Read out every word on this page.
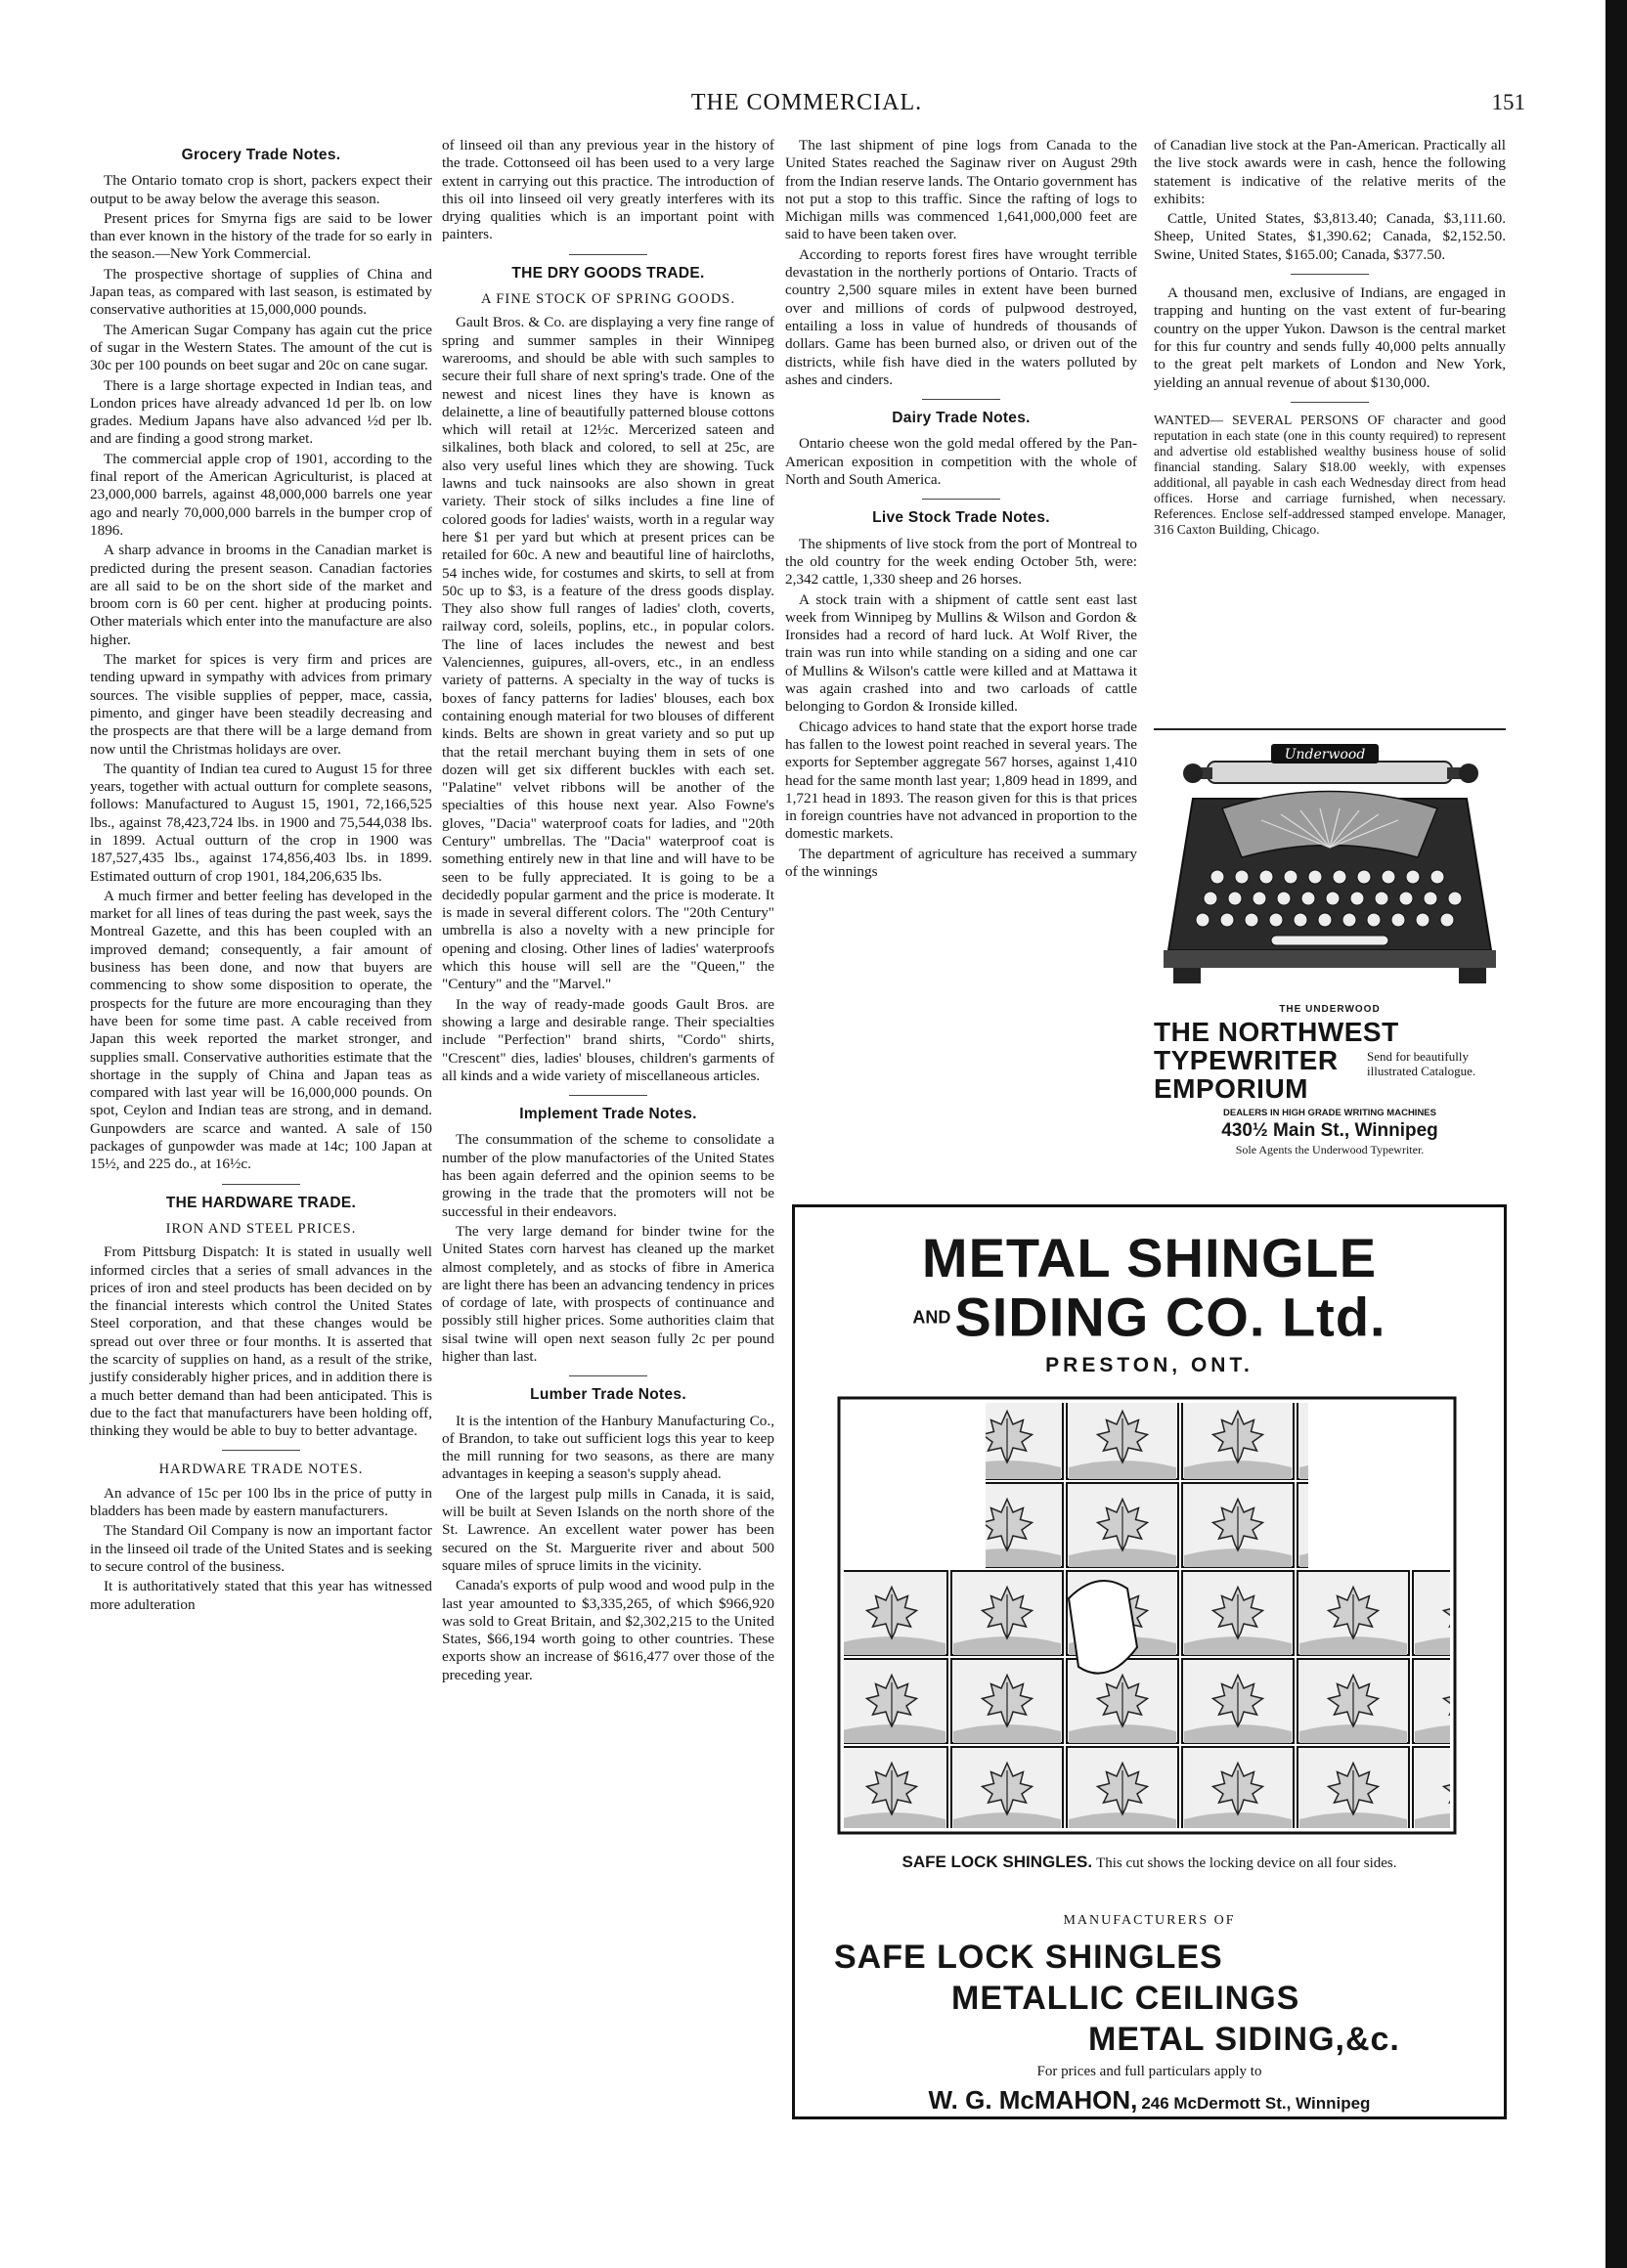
THE COMMERCIAL.	151
Grocery Trade Notes.

The Ontario tomato crop is short, packers expect their output to be away below the average this season.

Present prices for Smyrna figs are said to be lower than ever known in the history of the trade for so early in the season.—New York Commercial.

The prospective shortage of supplies of China and Japan teas, as compared with last season, is estimated by conservative authorities at 15,000,000 pounds.

The American Sugar Company has again cut the price of sugar in the Western States. The amount of the cut is 30c per 100 pounds on beet sugar and 20c on cane sugar.

There is a large shortage expected in Indian teas, and London prices have already advanced 1d per lb. on low grades. Medium Japans have also advanced ½d per lb. and are finding a good strong market.

The commercial apple crop of 1901, according to the final report of the American Agriculturist, is placed at 23,000,000 barrels, against 48,000,000 barrels one year ago and nearly 70,000,000 barrels in the bumper crop of 1896.

A sharp advance in brooms in the Canadian market is predicted during the present season. Canadian factories are all said to be on the short side of the market and broom corn is 60 per cent. higher at producing points. Other materials which enter into the manufacture are also higher.

The market for spices is very firm and prices are tending upward in sympathy with advices from primary sources. The visible supplies of pepper, mace, cassia, pimento, and ginger have been steadily decreasing and the prospects are that there will be a large demand from now until the Christmas holidays are over.

The quantity of Indian tea cured to August 15 for three years, together with actual outturn for complete seasons, follows: Manufactured to August 15, 1901, 72,166,525 lbs., against 78,423,724 lbs. in 1900 and 75,544,038 lbs. in 1899. Actual outturn of the crop in 1900 was 187,527,435 lbs., against 174,856,403 lbs. in 1899. Estimated outturn of crop 1901, 184,206,635 lbs.

A much firmer and better feeling has developed in the market for all lines of teas during the past week, says the Montreal Gazette, and this has been coupled with an improved demand; consequently, a fair amount of business has been done, and now that buyers are commencing to show some disposition to operate, the prospects for the future are more encouraging than they have been for some time past. A cable received from Japan this week reported the market stronger, and supplies small. Conservative authorities estimate that the shortage in the supply of China and Japan teas as compared with last year will be 16,000,000 pounds. On spot, Ceylon and Indian teas are strong, and in demand. Gunpowders are scarce and wanted. A sale of 150 packages of gunpowder was made at 14c; 100 Japan at 15½, and 225 do., at 16½c.

THE HARDWARE TRADE.
IRON AND STEEL PRICES.

From Pittsburg Dispatch: It is stated in usually well informed circles that a series of small advances in the prices of iron and steel products has been decided on by the financial interests which control the United States Steel corporation, and that these changes would be spread out over three or four months. It is asserted that the scarcity of supplies on hand, as a result of the strike, justify considerably higher prices, and in addition there is a much better demand than had been anticipated. This is due to the fact that manufacturers have been holding off, thinking they would be able to buy to better advantage.

HARDWARE TRADE NOTES.

An advance of 15c per 100 lbs in the price of putty in bladders has been made by eastern manufacturers.

The Standard Oil Company is now an important factor in the linseed oil trade of the United States and is seeking to secure control of the business.

It is authoritatively stated that this year has witnessed more adulteration

of linseed oil than any previous year in the history of the trade. Cottonseed oil has been used to a very large extent in carrying out this practice. The introduction of this oil into linseed oil very greatly interferes with its drying qualities which is an important point with painters.

THE DRY GOODS TRADE.
A FINE STOCK OF SPRING GOODS.

Gault Bros. & Co. are displaying a very fine range of spring and summer samples in their Winnipeg warerooms, and should be able with such samples to secure their full share of next spring's trade. One of the newest and nicest lines they have is known as delainette, a line of beautifully patterned blouse cottons which will retail at 12½c. Mercerized sateen and silkalines, both black and colored, to sell at 25c, are also very useful lines which they are showing. Tuck lawns and tuck nainsooks are also shown in great variety. Their stock of silks includes a fine line of colored goods for ladies' waists, worth in a regular way here $1 per yard but which at present prices can be retailed for 60c. A new and beautiful line of haircloths, 54 inches wide, for costumes and skirts, to sell at from 50c up to $3, is a feature of the dress goods display. They also show full ranges of ladies' cloth, coverts, railway cord, soleils, poplins, etc., in popular colors. The line of laces includes the newest and best Valenciennes, guipures, all-overs, etc., in an endless variety of patterns. A specialty in the way of tucks is boxes of fancy patterns for ladies' blouses, each box containing enough material for two blouses of different kinds. Belts are shown in great variety and so put up that the retail merchant buying them in sets of one dozen will get six different buckles with each set. "Palatine" velvet ribbons will be another of the specialties of this house next year. Also Fowne's gloves, "Dacia" waterproof coats for ladies, and "20th Century" umbrellas. The "Dacia" waterproof coat is something entirely new in that line and will have to be seen to be fully appreciated. It is going to be a decidedly popular garment and the price is moderate. It is made in several different colors. The "20th Century" umbrella is also a novelty with a new principle for opening and closing. Other lines of ladies' waterproofs which this house will sell are the "Queen," the "Century" and the "Marvel."

In the way of ready-made goods Gault Bros. are showing a large and desirable range. Their specialties include "Perfection" brand shirts, "Cordo" shirts, "Crescent" dies, ladies' blouses, children's garments of all kinds and a wide variety of miscellaneous articles.

Implement Trade Notes.

The consummation of the scheme to consolidate a number of the plow manufactories of the United States has been again deferred and the opinion seems to be growing in the trade that the promoters will not be successful in their endeavors.

The very large demand for binder twine for the United States corn harvest has cleaned up the market almost completely, and as stocks of fibre in America are light there has been an advancing tendency in prices of cordage of late, with prospects of continuance and possibly still higher prices. Some authorities claim that sisal twine will open next season fully 2c per pound higher than last.

Lumber Trade Notes.

It is the intention of the Hanbury Manufacturing Co., of Brandon, to take out sufficient logs this year to keep the mill running for two seasons, as there are many advantages in keeping a season's supply ahead.

One of the largest pulp mills in Canada, it is said, will be built at Seven Islands on the north shore of the St. Lawrence. An excellent water power has been secured on the St. Marguerite river and about 500 square miles of spruce limits in the vicinity.

Canada's exports of pulp wood and wood pulp in the last year amounted to $3,335,265, of which $966,920 was sold to Great Britain, and $2,302,215 to the United States, $66,194 worth going to other countries. These exports show an increase of $616,477 over those of the preceding year.

The last shipment of pine logs from Canada to the United States reached the Saginaw river on August 29th from the Indian reserve lands. The Ontario government has not put a stop to this traffic. Since the rafting of logs to Michigan mills was commenced 1,641,000,000 feet are said to have been taken over.

According to reports forest fires have wrought terrible devastation in the northerly portions of Ontario. Tracts of country 2,500 square miles in extent have been burned over and millions of cords of pulpwood destroyed, entailing a loss in value of hundreds of thousands of dollars. Game has been burned also, or driven out of the districts, while fish have died in the waters polluted by ashes and cinders.

Dairy Trade Notes.

Ontario cheese won the gold medal offered by the Pan-American exposition in competition with the whole of North and South America.

Live Stock Trade Notes.

The shipments of live stock from the port of Montreal to the old country for the week ending October 5th, were: 2,342 cattle, 1,330 sheep and 26 horses.

A stock train with a shipment of cattle sent east last week from Winnipeg by Mullins & Wilson and Gordon & Ironsides had a record of hard luck. At Wolf River, the train was run into while standing on a siding and one car of Mullins & Wilson's cattle were killed and at Mattawa it was again crashed into and two carloads of cattle belonging to Gordon & Ironside killed.

Chicago advices to hand state that the export horse trade has fallen to the lowest point reached in several years. The exports for September aggregate 567 horses, against 1,410 head for the same month last year; 1,809 head in 1899, and 1,721 head in 1893. The reason given for this is that prices in foreign countries have not advanced in proportion to the domestic markets.

The department of agriculture has received a summary of the winnings

of Canadian live stock at the Pan-American. Practically all the live stock awards were in cash, hence the following statement is indicative of the relative merits of the exhibits:

Cattle, United States, $3,813.40; Canada, $3,111.60. Sheep, United States, $1,390.62; Canada, $2,152.50. Swine, United States, $165.00; Canada, $377.50.

A thousand men, exclusive of Indians, are engaged in trapping and hunting on the vast extent of fur-bearing country on the upper Yukon. Dawson is the central market for this fur country and sends fully 40,000 pelts annually to the great pelt markets of London and New York, yielding an annual revenue of about $130,000.

WANTED— SEVERAL PERSONS OF character and good reputation in each state (one in this county required) to represent and advertise old established wealthy business house of solid financial standing. Salary $18.00 weekly, with expenses additional, all payable in cash each Wednesday direct from head offices. Horse and carriage furnished, when necessary. References. Enclose self-addressed stamped envelope. Manager, 316 Caxton Building, Chicago.

Underwood
THE UNDERWOOD
THE NORTHWEST
TYPEWRITER
EMPORIUM
Send for beautifully illustrated Catalogue.
DEALERS IN HIGH GRADE WRITING MACHINES
430½ Main St., Winnipeg
Sole Agents the Underwood Typewriter.
METAL SHINGLE
AND SIDING CO. Ltd.
PRESTON, ONT.
SAFE LOCK SHINGLES. This cut shows the locking device on all four sides.
MANUFACTURERS OF
SAFE LOCK SHINGLES
METALLIC CEILINGS
METAL SIDING,&c.
For prices and full particulars apply to
W. G. McMAHON, 246 McDermott St., Winnipeg
